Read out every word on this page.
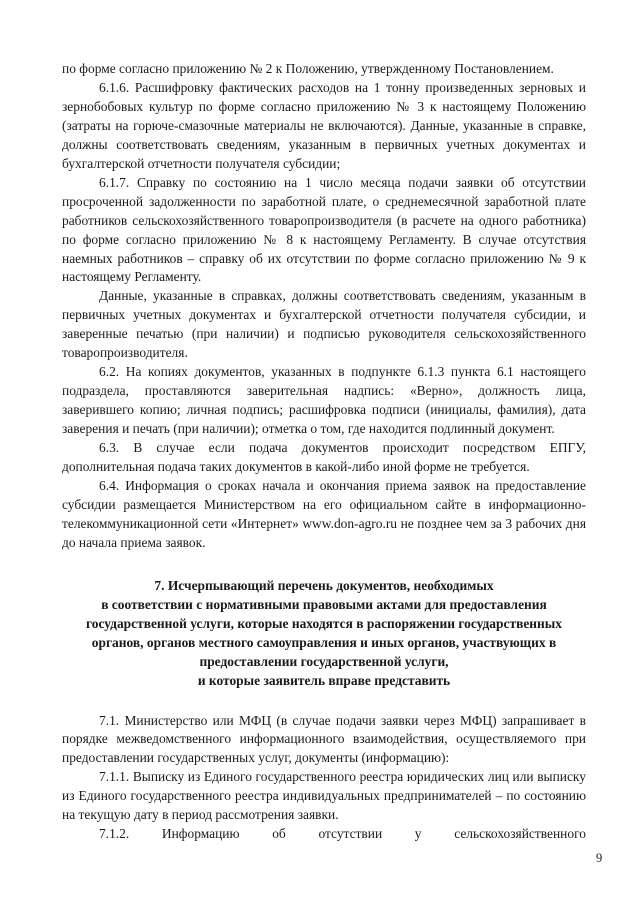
по форме согласно приложению № 2 к Положению, утвержденному Постановлением.

6.1.6. Расшифровку фактических расходов на 1 тонну произведенных зерновых и зернобобовых культур по форме согласно приложению № 3 к настоящему Положению (затраты на горюче-смазочные материалы не включаются). Данные, указанные в справке, должны соответствовать сведениям, указанным в первичных учетных документах и бухгалтерской отчетности получателя субсидии;

6.1.7. Справку по состоянию на 1 число месяца подачи заявки об отсутствии просроченной задолженности по заработной плате, о среднемесячной заработной плате работников сельскохозяйственного товаропроизводителя (в расчете на одного работника) по форме согласно приложению № 8 к настоящему Регламенту. В случае отсутствия наемных работников – справку об их отсутствии по форме согласно приложению № 9 к настоящему Регламенту.

Данные, указанные в справках, должны соответствовать сведениям, указанным в первичных учетных документах и бухгалтерской отчетности получателя субсидии, и заверенные печатью (при наличии) и подписью руководителя сельскохозяйственного товаропроизводителя.

6.2. На копиях документов, указанных в подпункте 6.1.3 пункта 6.1 настоящего подраздела, проставляются заверительная надпись: «Верно», должность лица, заверившего копию; личная подпись; расшифровка подписи (инициалы, фамилия), дата заверения и печать (при наличии); отметка о том, где находится подлинный документ.

6.3. В случае если подача документов происходит посредством ЕПГУ, дополнительная подача таких документов в какой-либо иной форме не требуется.

6.4. Информация о сроках начала и окончания приема заявок на предоставление субсидии размещается Министерством на его официальном сайте в информационно-телекоммуникационной сети «Интернет» www.don-agro.ru не позднее чем за 3 рабочих дня до начала приема заявок.

7. Исчерпывающий перечень документов, необходимых
в соответствии с нормативными правовыми актами для предоставления
государственной услуги, которые находятся в распоряжении государственных
органов, органов местного самоуправления и иных органов, участвующих в
предоставлении государственной услуги,
и которые заявитель вправе представить

7.1. Министерство или МФЦ (в случае подачи заявки через МФЦ) запрашивает в порядке межведомственного информационного взаимодействия, осуществляемого при предоставлении государственных услуг, документы (информацию):

7.1.1. Выписку из Единого государственного реестра юридических лиц или выписку из Единого государственного реестра индивидуальных предпринимателей – по состоянию на текущую дату в период рассмотрения заявки.

7.1.2. Информацию об отсутствии у сельскохозяйственного

9
